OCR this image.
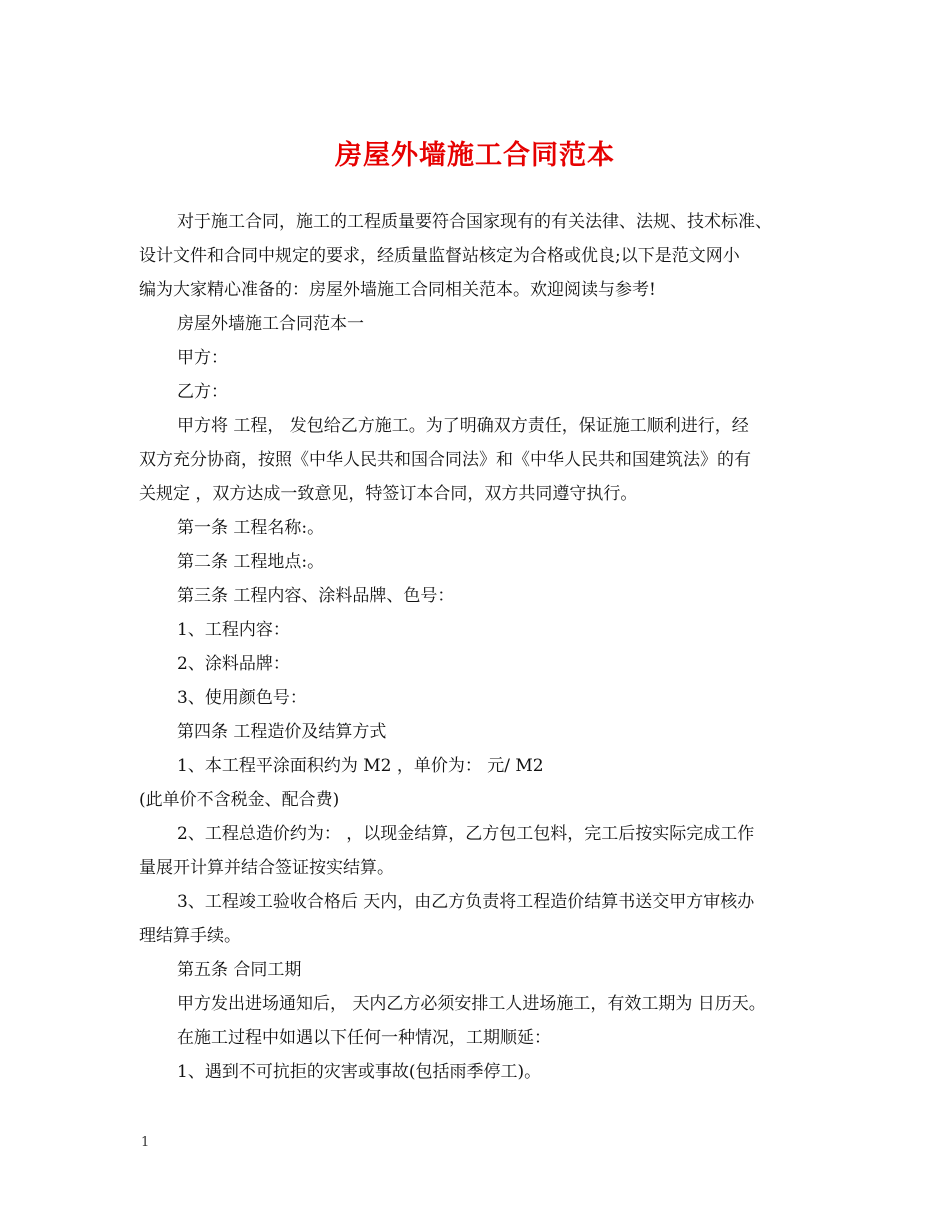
房屋外墙施工合同范本

对于施工合同，施工的工程质量要符合国家现有的有关法律、法规、技术标准、

设计文件和合同中规定的要求，经质量监督站核定为合格或优良;以下是范文网小

编为大家精心准备的：房屋外墙施工合同相关范本。欢迎阅读与参考!

房屋外墙施工合同范本一

甲方：

乙方：

甲方将 工程， 发包给乙方施工。为了明确双方责任，保证施工顺利进行，经

双方充分协商，按照《中华人民共和国合同法》和《中华人民共和国建筑法》的有

关规定 ，双方达成一致意见，特签订本合同，双方共同遵守执行。

第一条 工程名称:。

第二条 工程地点:。

第三条 工程内容、涂料品牌、色号：

1、工程内容：

2、涂料品牌：

3、使用颜色号：

第四条 工程造价及结算方式

1、本工程平涂面积约为 M2 ，单价为： 元/ M2

(此单价不含税金、配合费)

2、工程总造价约为： ，以现金结算，乙方包工包料，完工后按实际完成工作

量展开计算并结合签证按实结算。

3、工程竣工验收合格后 天内，由乙方负责将工程造价结算书送交甲方审核办

理结算手续。

第五条 合同工期

甲方发出进场通知后， 天内乙方必须安排工人进场施工，有效工期为 日历天。

在施工过程中如遇以下任何一种情况，工期顺延：

1、遇到不可抗拒的灾害或事故(包括雨季停工)。

1
